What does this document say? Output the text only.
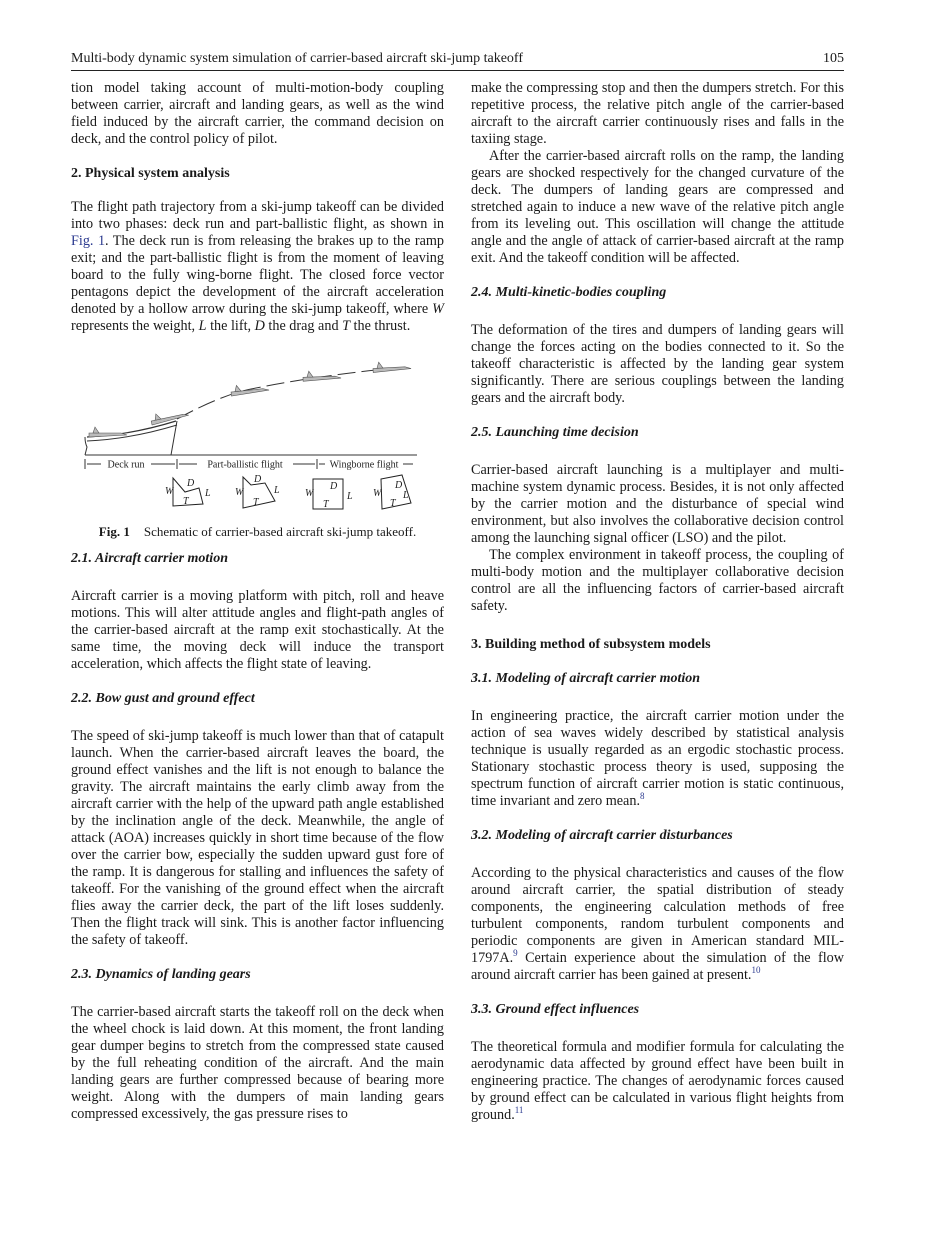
Multi-body dynamic system simulation of carrier-based aircraft ski-jump takeoff	105

tion model taking account of multi-motion-body coupling between carrier, aircraft and landing gears, as well as the wind field induced by the aircraft carrier, the command decision on deck, and the control policy of pilot.

2. Physical system analysis

The flight path trajectory from a ski-jump takeoff can be divided into two phases: deck run and part-ballistic flight, as shown in Fig. 1. The deck run is from releasing the brakes up to the ramp exit; and the part-ballistic flight is from the moment of leaving board to the fully wing-borne flight. The closed force vector pentagons depict the development of the aircraft acceleration denoted by a hollow arrow during the ski-jump takeoff, where W represents the weight, L the lift, D the drag and T the thrust.

Deck run	Part-ballistic flight	Wingborne flight
W
T
D
L W
T
D
L	W
T
D
L W
T
D
L

Fig. 1 Schematic of carrier-based aircraft ski-jump takeoff.

2.1. Aircraft carrier motion

Aircraft carrier is a moving platform with pitch, roll and heave motions. This will alter attitude angles and flight-path angles of the carrier-based aircraft at the ramp exit stochastically. At the same time, the moving deck will induce the transport acceleration, which affects the flight state of leaving.

2.2. Bow gust and ground effect

The speed of ski-jump takeoff is much lower than that of catapult launch. When the carrier-based aircraft leaves the board, the ground effect vanishes and the lift is not enough to balance the gravity. The aircraft maintains the early climb away from the aircraft carrier with the help of the upward path angle established by the inclination angle of the deck. Meanwhile, the angle of attack (AOA) increases quickly in short time because of the flow over the carrier bow, especially the sudden upward gust fore of the ramp. It is dangerous for stalling and influences the safety of takeoff. For the vanishing of the ground effect when the aircraft flies away the carrier deck, the part of the lift loses suddenly. Then the flight track will sink. This is another factor influencing the safety of takeoff.

2.3. Dynamics of landing gears

The carrier-based aircraft starts the takeoff roll on the deck when the wheel chock is laid down. At this moment, the front landing gear dumper begins to stretch from the compressed state caused by the full reheating condition of the aircraft. And the main landing gears are further compressed because of bearing more weight. Along with the dumpers of main landing gears compressed excessively, the gas pressure rises to

make the compressing stop and then the dumpers stretch. For this repetitive process, the relative pitch angle of the carrier-based aircraft to the aircraft carrier continuously rises and falls in the taxiing stage.

After the carrier-based aircraft rolls on the ramp, the landing gears are shocked respectively for the changed curvature of the deck. The dumpers of landing gears are compressed and stretched again to induce a new wave of the relative pitch angle from its leveling out. This oscillation will change the attitude angle and the angle of attack of carrier-based aircraft at the ramp exit. And the takeoff condition will be affected.

2.4. Multi-kinetic-bodies coupling

The deformation of the tires and dumpers of landing gears will change the forces acting on the bodies connected to it. So the takeoff characteristic is affected by the landing gear system significantly. There are serious couplings between the landing gears and the aircraft body.

2.5. Launching time decision

Carrier-based aircraft launching is a multiplayer and multi-machine system dynamic process. Besides, it is not only affected by the carrier motion and the disturbance of special wind environment, but also involves the collaborative decision control among the launching signal officer (LSO) and the pilot.

The complex environment in takeoff process, the coupling of multi-body motion and the multiplayer collaborative decision control are all the influencing factors of carrier-based aircraft safety.

3. Building method of subsystem models
3.1. Modeling of aircraft carrier motion

In engineering practice, the aircraft carrier motion under the action of sea waves widely described by statistical analysis technique is usually regarded as an ergodic stochastic process. Stationary stochastic process theory is used, supposing the spectrum function of aircraft carrier motion is static continuous, time invariant and zero mean.$^8$

3.2. Modeling of aircraft carrier disturbances

According to the physical characteristics and causes of the flow around aircraft carrier, the spatial distribution of steady components, the engineering calculation methods of free turbulent components, random turbulent components and periodic components are given in American standard MIL-1797A.$^9$ Certain experience about the simulation of the flow around aircraft carrier has been gained at present.$^{10}$

3.3. Ground effect influences

The theoretical formula and modifier formula for calculating the aerodynamic data affected by ground effect have been built in engineering practice. The changes of aerodynamic forces caused by ground effect can be calculated in various flight heights from ground.$^{11}$
